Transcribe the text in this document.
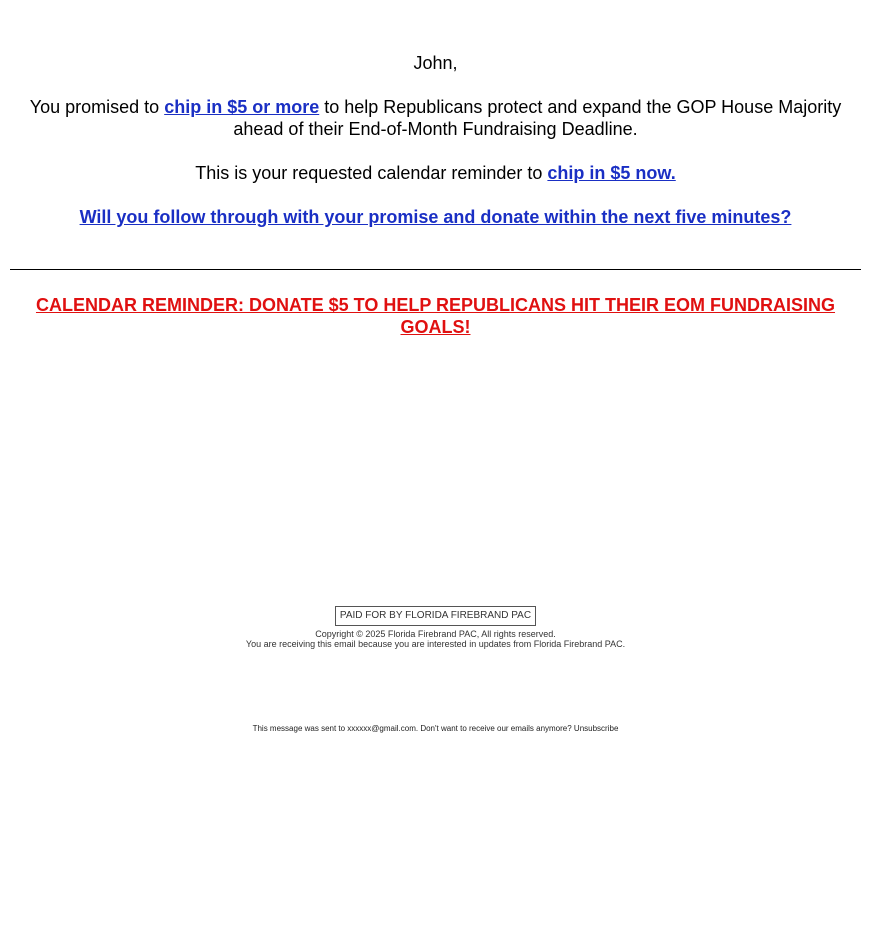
John,
You promised to chip in $5 or more to help Republicans protect and expand the GOP House Majority ahead of their End-of-Month Fundraising Deadline.
This is your requested calendar reminder to chip in $5 now.
Will you follow through with your promise and donate within the next five minutes?
CALENDAR REMINDER: DONATE $5 TO HELP REPUBLICANS HIT THEIR EOM FUNDRAISING GOALS!
PAID FOR BY FLORIDA FIREBRAND PAC
Copyright © 2025 Florida Firebrand PAC, All rights reserved.
You are receiving this email because you are interested in updates from Florida Firebrand PAC.
This message was sent to xxxxxx@gmail.com. Don't want to receive our emails anymore? Unsubscribe
